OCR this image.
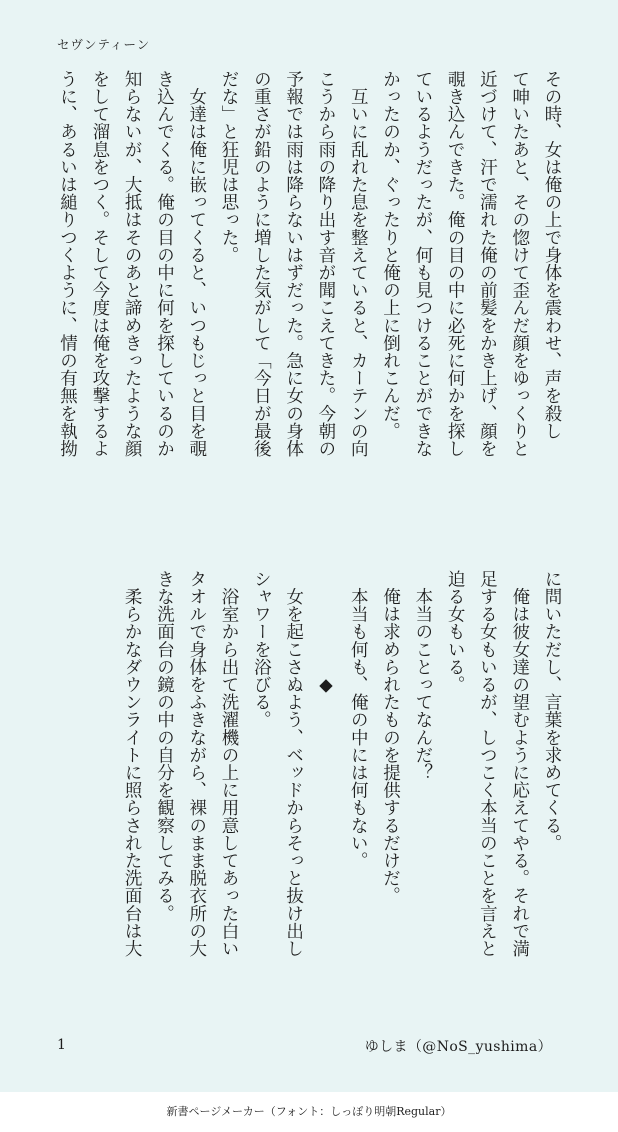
セヴンティーン

その時、女は俺の上で身体を震わせ、声を殺し

て呻いたあと、その惚けて歪んだ顔をゆっくりと

近づけて、汗で濡れた俺の前髪をかき上げ、顔を

覗き込んできた。俺の目の中に必死に何かを探し

ているようだったが、何も見つけることができな

かったのか、ぐったりと俺の上に倒れこんだ。

　互いに乱れた息を整えていると、カーテンの向

こうから雨の降り出す音が聞こえてきた。今朝の

予報では雨は降らないはずだった。急に女の身体

の重さが鉛のように増した気がして「今日が最後

だな」と狂児は思った。

　女達は俺に嵌ってくると、いつもじっと目を覗

き込んでくる。俺の目の中に何を探しているのか

知らないが、大抵はそのあと諦めきったような顔

をして溜息をつく。そして今度は俺を攻撃するよ

うに、あるいは縋りつくように、情の有無を執拗

に問いただし、言葉を求めてくる。

　俺は彼女達の望むように応えてやる。それで満

足する女もいるが、しつこく本当のことを言えと

迫る女もいる。

　本当のことってなんだ？

　俺は求められたものを提供するだけだ。

　本当も何も、俺の中には何もない。

　　　　　　◆

　女を起こさぬよう、ベッドからそっと抜け出し

シャワーを浴びる。

　浴室から出て洗濯機の上に用意してあった白い

タオルで身体をふきながら、裸のまま脱衣所の大

きな洗面台の鏡の中の自分を観察してみる。

　柔らかなダウンライトに照らされた洗面台は大

1	ゆしま（@NoS_yushima）
新書ページメーカー（フォント：しっぽり明朝Regular）
